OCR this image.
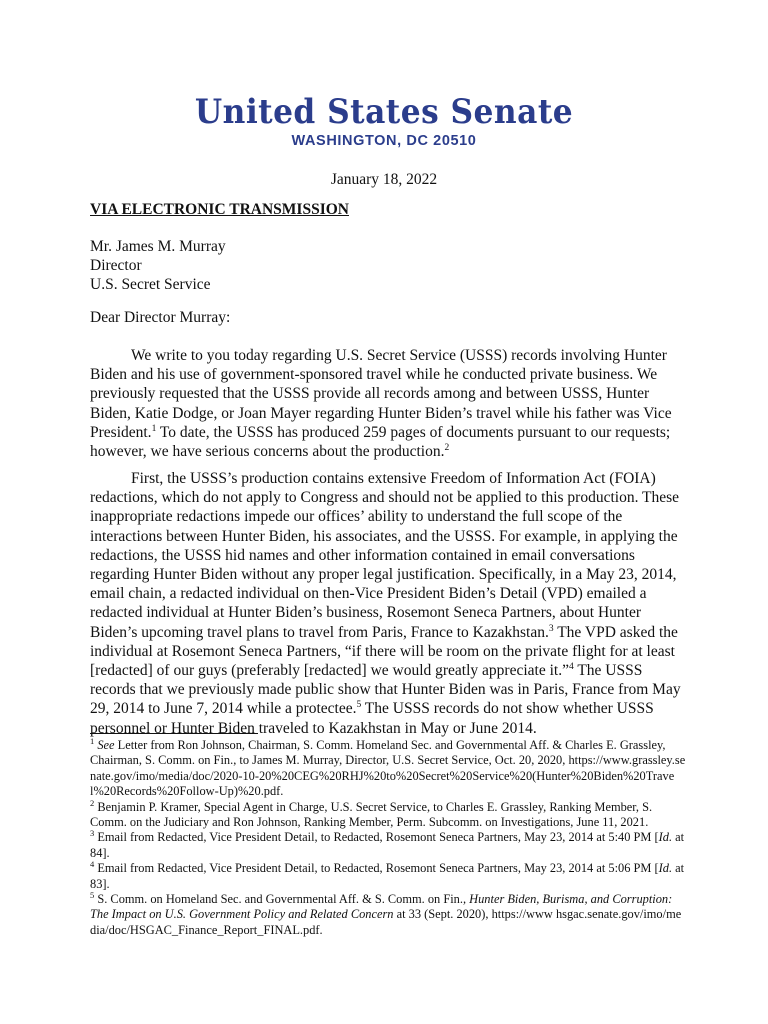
United States Senate
WASHINGTON, DC 20510
January 18, 2022
VIA ELECTRONIC TRANSMISSION
Mr. James M. Murray
Director
U.S. Secret Service
Dear Director Murray:

We write to you today regarding U.S. Secret Service (USSS) records involving Hunter Biden and his use of government-sponsored travel while he conducted private business. We previously requested that the USSS provide all records among and between USSS, Hunter Biden, Katie Dodge, or Joan Mayer regarding Hunter Biden’s travel while his father was Vice President.$^1$ To date, the USSS has produced 259 pages of documents pursuant to our requests; however, we have serious concerns about the production.$^2$

First, the USSS’s production contains extensive Freedom of Information Act (FOIA) redactions, which do not apply to Congress and should not be applied to this production. These inappropriate redactions impede our offices’ ability to understand the full scope of the interactions between Hunter Biden, his associates, and the USSS. For example, in applying the redactions, the USSS hid names and other information contained in email conversations regarding Hunter Biden without any proper legal justification. Specifically, in a May 23, 2014, email chain, a redacted individual on then-Vice President Biden’s Detail (VPD) emailed a redacted individual at Hunter Biden’s business, Rosemont Seneca Partners, about Hunter Biden’s upcoming travel plans to travel from Paris, France to Kazakhstan.$^3$ The VPD asked the individual at Rosemont Seneca Partners, “if there will be room on the private flight for at least [redacted] of our guys (preferably [redacted] we would greatly appreciate it.”$^4$ The USSS records that we previously made public show that Hunter Biden was in Paris, France from May 29, 2014 to June 7, 2014 while a protectee.$^5$ The USSS records do not show whether USSS personnel or Hunter Biden traveled to Kazakhstan in May or June 2014.

$^1$ See Letter from Ron Johnson, Chairman, S. Comm. Homeland Sec. and Governmental Aff. & Charles E. Grassley, Chairman, S. Comm. on Fin., to James M. Murray, Director, U.S. Secret Service, Oct. 20, 2020, https://www.grassley.senate.gov/imo/media/doc/2020-10-20%20CEG%20RHJ%20to%20Secret%20Service%20(Hunter%20Biden%20Travel%20Records%20Follow-Up)%20.pdf.

$^2$ Benjamin P. Kramer, Special Agent in Charge, U.S. Secret Service, to Charles E. Grassley, Ranking Member, S. Comm. on the Judiciary and Ron Johnson, Ranking Member, Perm. Subcomm. on Investigations, June 11, 2021.

$^3$ Email from Redacted, Vice President Detail, to Redacted, Rosemont Seneca Partners, May 23, 2014 at 5:40 PM [Id. at 84].

$^4$ Email from Redacted, Vice President Detail, to Redacted, Rosemont Seneca Partners, May 23, 2014 at 5:06 PM [Id. at 83].

$^5$ S. Comm. on Homeland Sec. and Governmental Aff. & S. Comm. on Fin., Hunter Biden, Burisma, and Corruption: The Impact on U.S. Government Policy and Related Concern at 33 (Sept. 2020), https://www hsgac.senate.gov/imo/media/doc/HSGAC_Finance_Report_FINAL.pdf.
